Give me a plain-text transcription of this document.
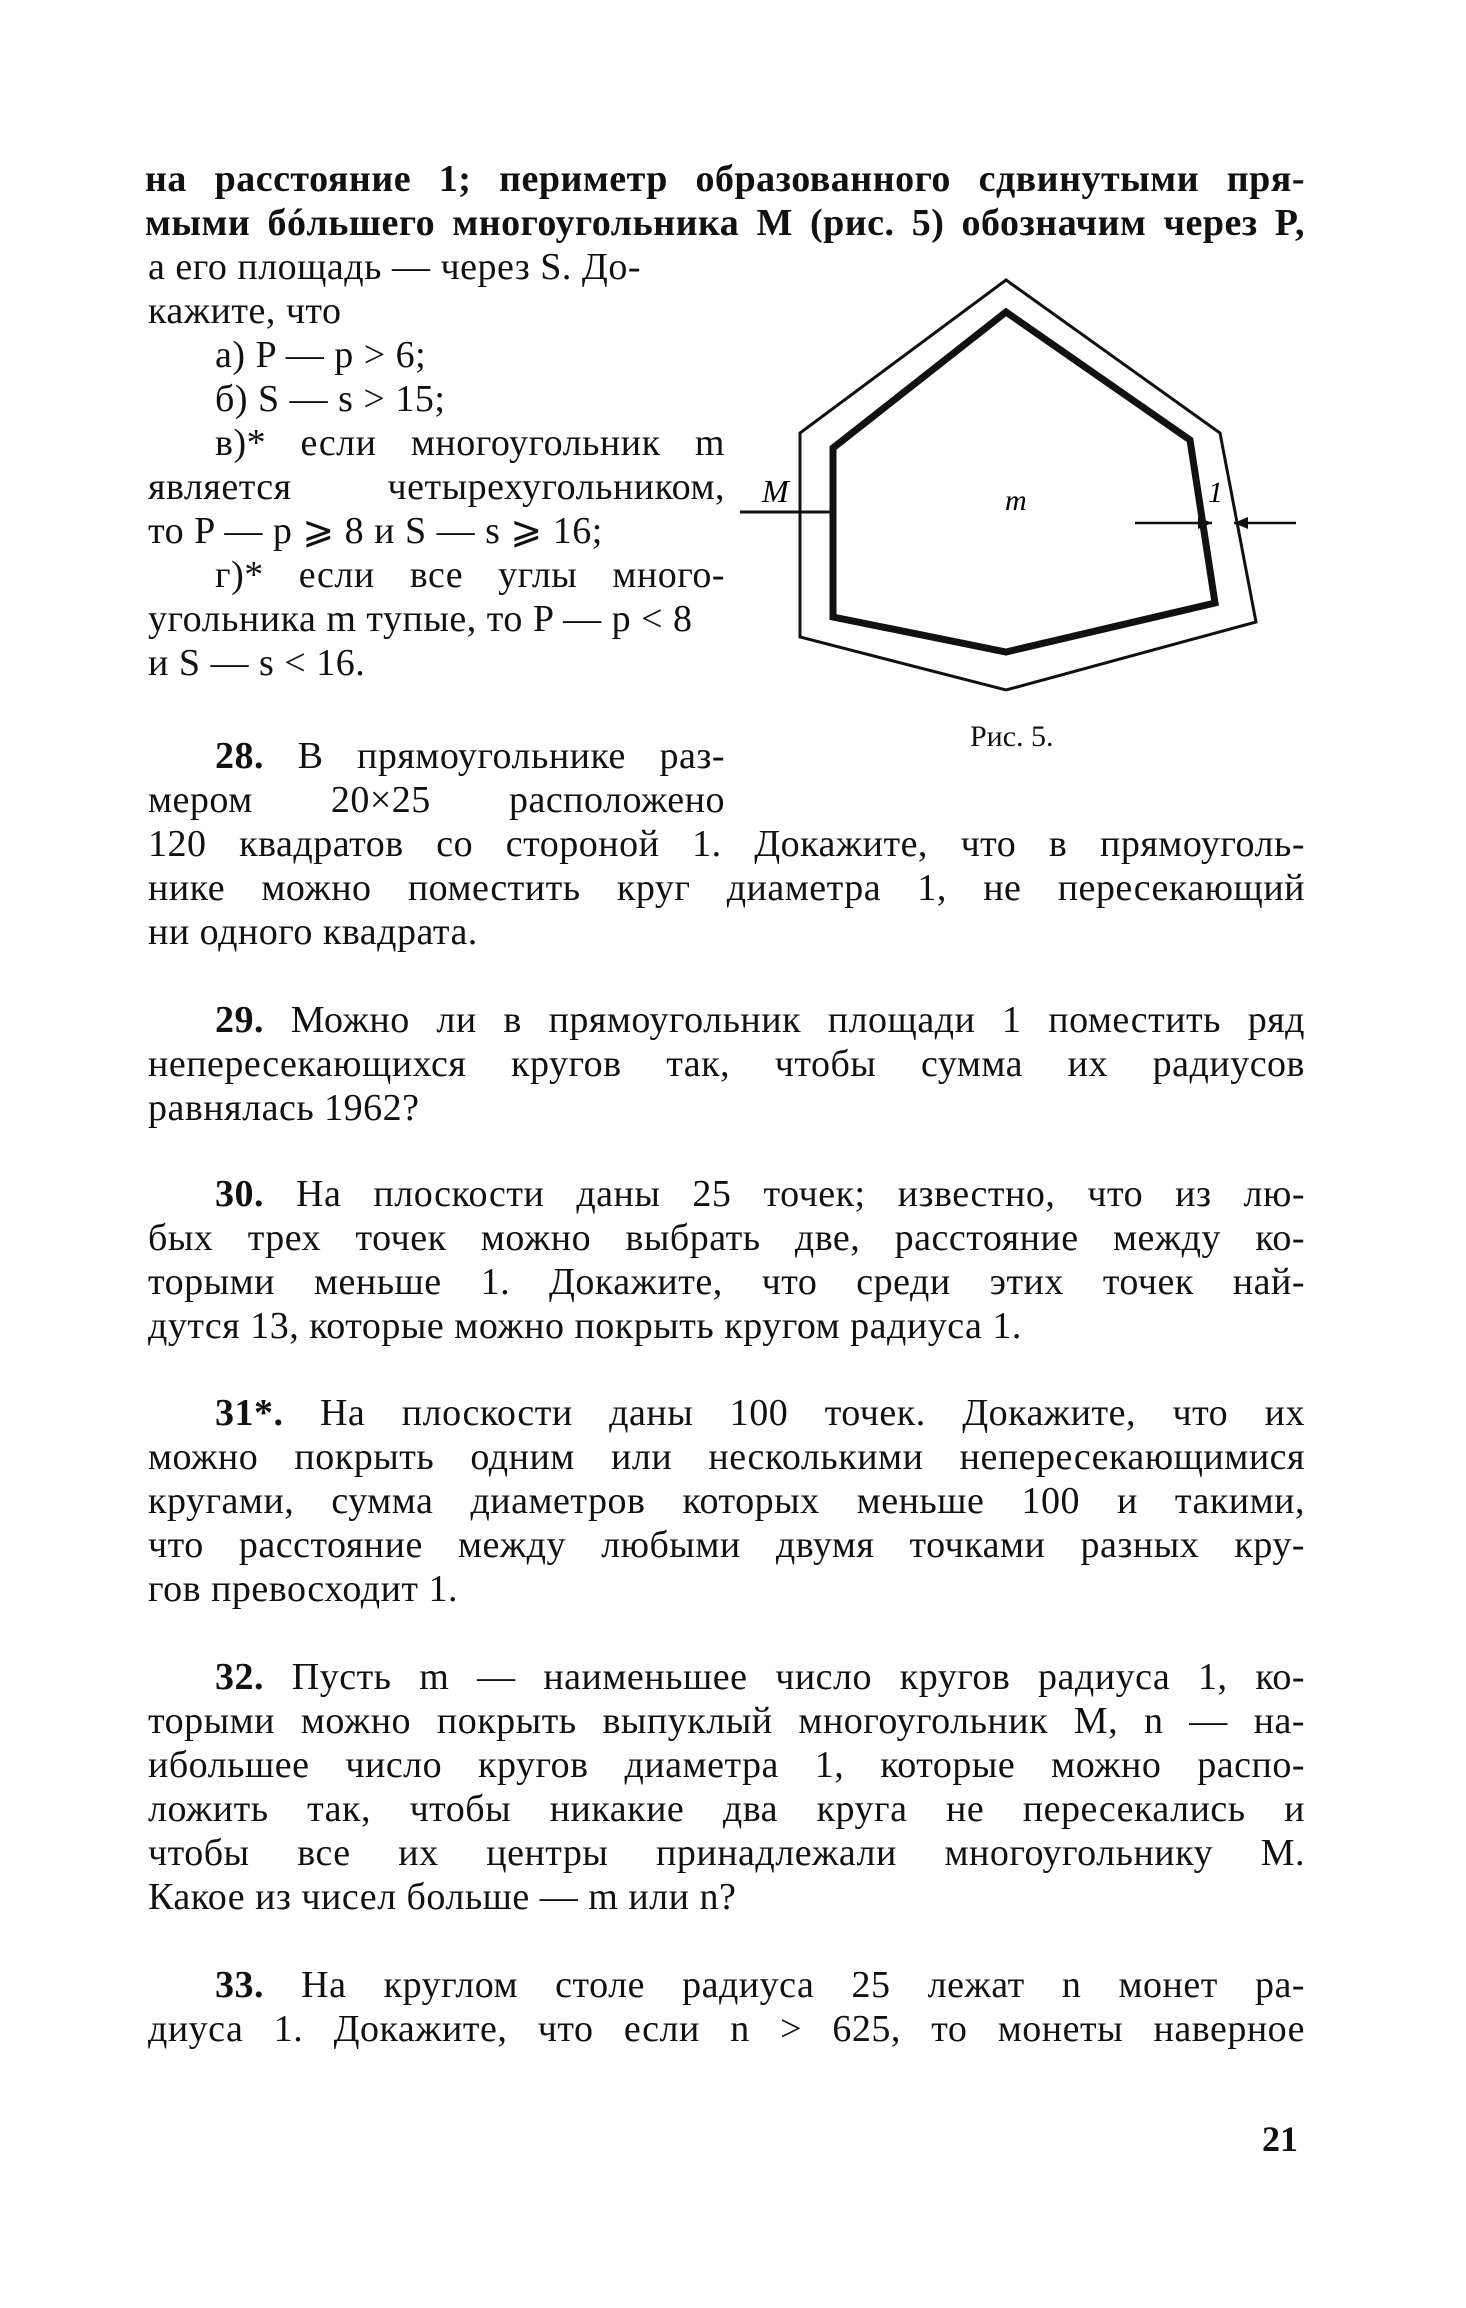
на расстояние 1; периметр образованного сдвинутыми пря-
мыми бóльшего многоугольника M (рис. 5) обозначим через P,
а его площадь — через S. До-
кажите, что
а) P — p > 6;
б) S — s > 15;
в)* если многоугольник m
является четырехугольником,
то P — p ⩾ 8 и S — s ⩾ 16;
г)* если все углы много-
угольника m тупые, то P — p < 8
и S — s < 16.
M	m	1
Рис. 5.
28. В прямоугольнике раз-
мером 20×25 расположено
120 квадратов со стороной 1. Докажите, что в прямоуголь-
нике можно поместить круг диаметра 1, не пересекающий
ни одного квадрата.
29. Можно ли в прямоугольник площади 1 поместить ряд
непересекающихся кругов так, чтобы сумма их радиусов
равнялась 1962?
30. На плоскости даны 25 точек; известно, что из лю-
бых трех точек можно выбрать две, расстояние между ко-
торыми меньше 1. Докажите, что среди этих точек най-
дутся 13, которые можно покрыть кругом радиуса 1.
31*. На плоскости даны 100 точек. Докажите, что их
можно покрыть одним или несколькими непересекающимися
кругами, сумма диаметров которых меньше 100 и такими,
что расстояние между любыми двумя точками разных кру-
гов превосходит 1.
32. Пусть m — наименьшее число кругов радиуса 1, ко-
торыми можно покрыть выпуклый многоугольник M, n — на-
ибольшее число кругов диаметра 1, которые можно распо-
ложить так, чтобы никакие два круга не пересекались и
чтобы все их центры принадлежали многоугольнику M.
Какое из чисел больше — m или n?
33. На круглом столе радиуса 25 лежат n монет ра-
диуса 1. Докажите, что если n > 625, то монеты наверное
21
